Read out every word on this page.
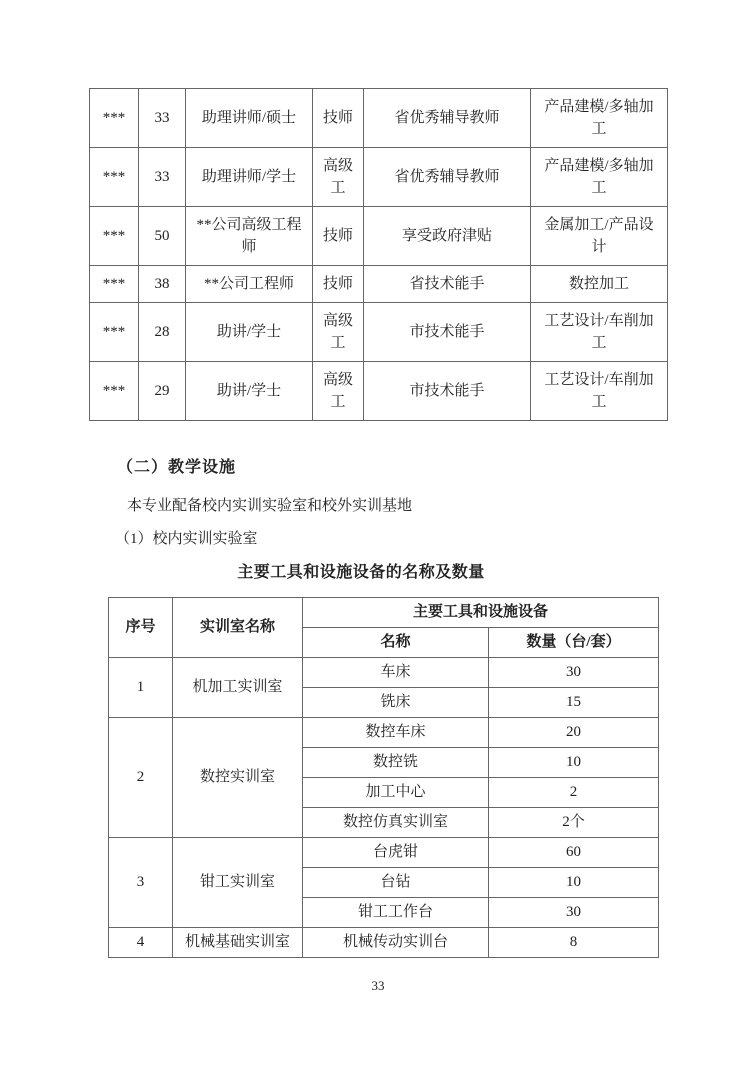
***	33	助理讲师/硕士	技师	省优秀辅导教师	产品建模/多轴加工
***	33	助理讲师/学士	高级工	省优秀辅导教师	产品建模/多轴加工
***	50	**公司高级工程师	技师	享受政府津贴	金属加工/产品设计
***	38	**公司工程师	技师	省技术能手	数控加工
***	28	助讲/学士	高级工	市技术能手	工艺设计/车削加工
***	29	助讲/学士	高级工	市技术能手	工艺设计/车削加工
（二）教学设施
本专业配备校内实训实验室和校外实训基地
（1）校内实训实验室
主要工具和设施设备的名称及数量
序号	实训室名称	主要工具和设施设备	
		名称	数量（台/套）
1	机加工实训室	车床	30
		铣床	15
2	数控实训室	数控车床	20
		数控铣	10
		加工中心	2
		数控仿真实训室	2个
3	钳工实训室	台虎钳	60
		台钻	10
		钳工工作台	30
4	机械基础实训室	机械传动实训台	8
33
